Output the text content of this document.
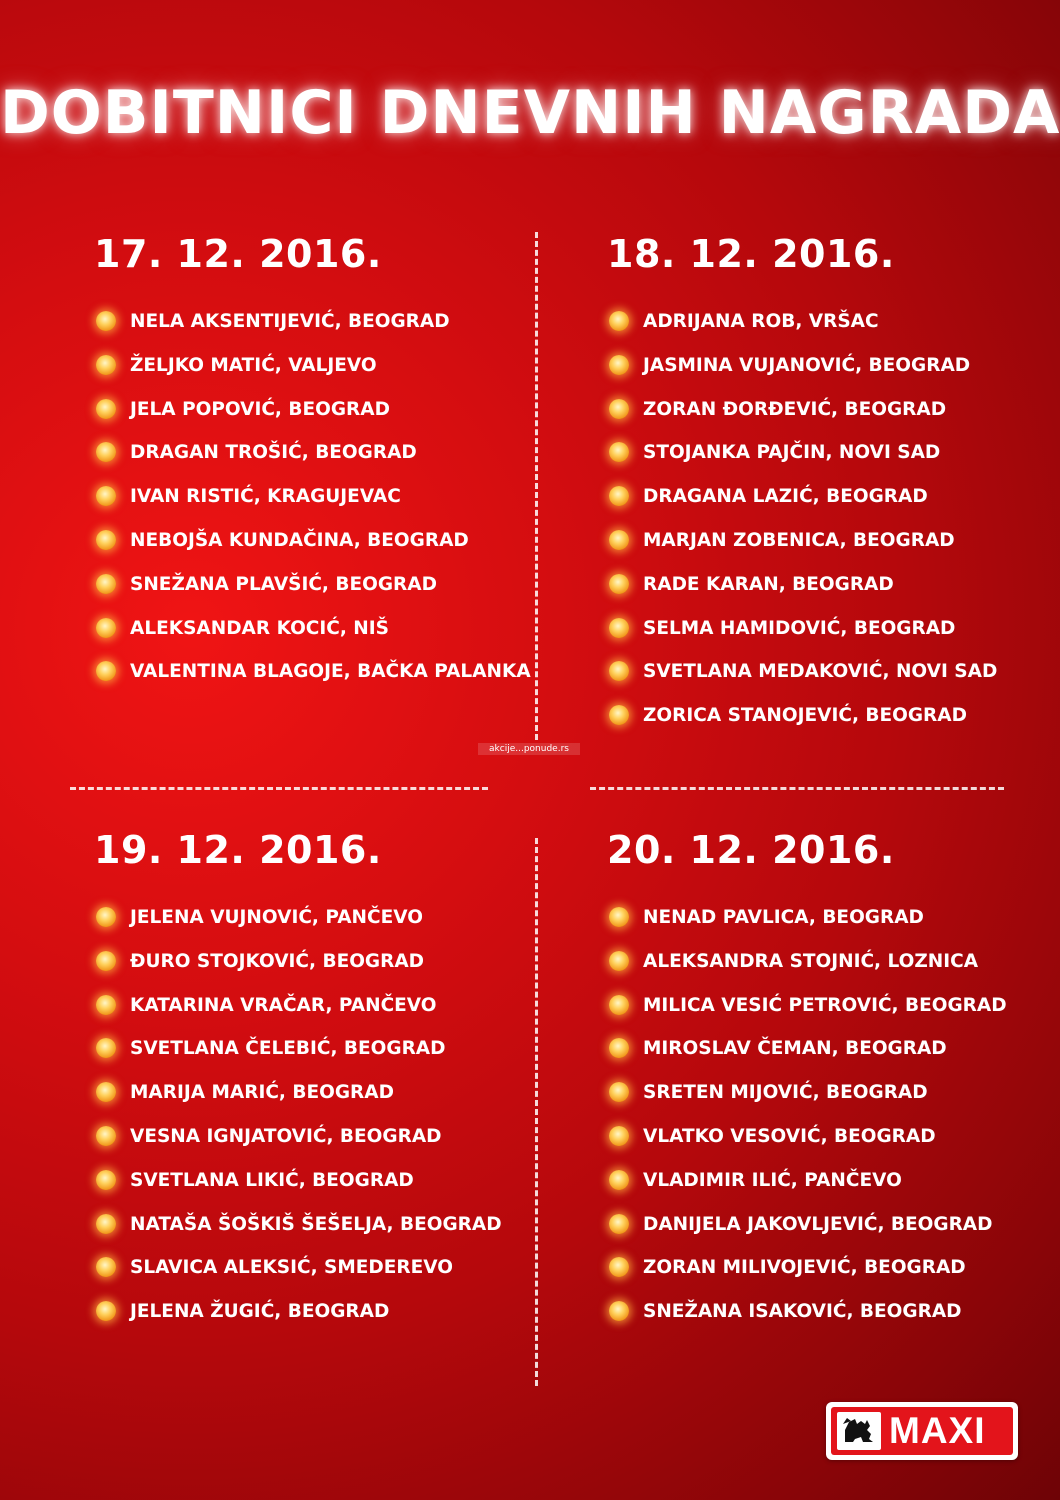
DOBITNICI DNEVNIH NAGRADA
17. 12. 2016.
NELA AKSENTIJEVIĆ, BEOGRAD
ŽELJKO MATIĆ, VALJEVO
JELA POPOVIĆ, BEOGRAD
DRAGAN TROŠIĆ, BEOGRAD
IVAN RISTIĆ, KRAGUJEVAC
NEBOJŠA KUNDAČINA, BEOGRAD
SNEŽANA PLAVŠIĆ, BEOGRAD
ALEKSANDAR KOCIĆ, NIŠ
VALENTINA BLAGOJE, BAČKA PALANKA
18. 12. 2016.
ADRIJANA ROB, VRŠAC
JASMINA VUJANOVIĆ, BEOGRAD
ZORAN ĐORĐEVIĆ, BEOGRAD
STOJANKA PAJČIN, NOVI SAD
DRAGANA LAZIĆ, BEOGRAD
MARJAN ZOBENICA, BEOGRAD
RADE KARAN, BEOGRAD
SELMA HAMIDOVIĆ, BEOGRAD
SVETLANA MEDAKOVIĆ, NOVI SAD
ZORICA STANOJEVIĆ, BEOGRAD
19. 12. 2016.
JELENA VUJNOVIĆ, PANČEVO
ĐURO STOJKOVIĆ, BEOGRAD
KATARINA VRAČAR, PANČEVO
SVETLANA ČELEBIĆ, BEOGRAD
MARIJA MARIĆ, BEOGRAD
VESNA IGNJATOVIĆ, BEOGRAD
SVETLANA LIKIĆ, BEOGRAD
NATAŠA ŠOŠKIŠ ŠEŠELJA, BEOGRAD
SLAVICA ALEKSIĆ, SMEDEREVO
JELENA ŽUGIĆ, BEOGRAD
20. 12. 2016.
NENAD PAVLICA, BEOGRAD
ALEKSANDRA STOJNIĆ, LOZNICA
MILICA VESIĆ PETROVIĆ, BEOGRAD
MIROSLAV ČEMAN, BEOGRAD
SRETEN MIJOVIĆ, BEOGRAD
VLATKO VESOVIĆ, BEOGRAD
VLADIMIR ILIĆ, PANČEVO
DANIJELA JAKOVLJEVIĆ, BEOGRAD
ZORAN MILIVOJEVIĆ, BEOGRAD
SNEŽANA ISAKOVIĆ, BEOGRAD
akcije...ponude.rs
MAXI
